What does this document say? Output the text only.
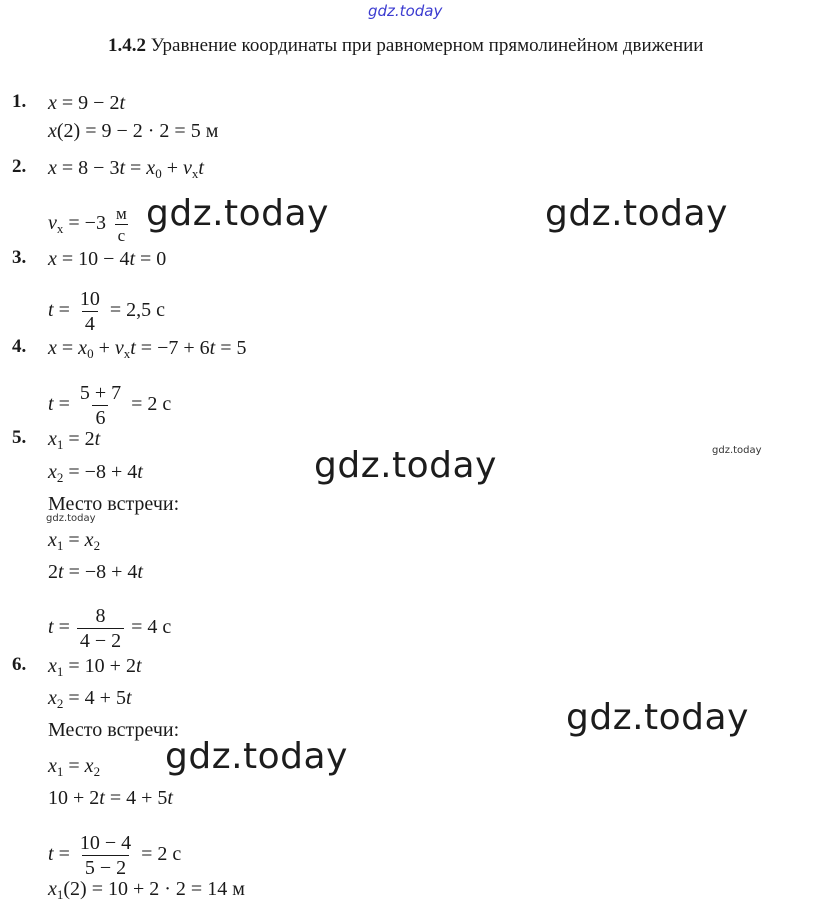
gdz.today
gdz.today	gdz.today
gdz.today	gdz.today
gdz.today
gdz.today
gdz.today
1.4.2 Уравнение координаты при равномерном прямолинейном движении
1. x = 9 − 2t
x(2) = 9 − 2 · 2 = 5 м
2. $x = 8 - 3t = x_0 + v_xt$
$v_x = -3 \frac{м}{с}$
3. x = 10 − 4t = 0
$t = \frac{10}{4} = 2,5$ с
4. $x = x_0 + v_xt = -7 + 6t = 5$
$t = \frac{5 + 7}{6} = 2$ с
5. $x_1 = 2t$
$x_2 = -8 + 4t$
Место встречи:
$x_1 = x_2$
2t = −8 + 4t
$t = \frac{8}{4 - 2} = 4$ с
6. $x_1 = 10 + 2t$
$x_2 = 4 + 5t$
Место встречи:
$x_1 = x_2$
10 + 2t = 4 + 5t
$t = \frac{10 - 4}{5 - 2} = 2$ с
$x_1(2) = 10 + 2 \cdot 2 = 14$ м
